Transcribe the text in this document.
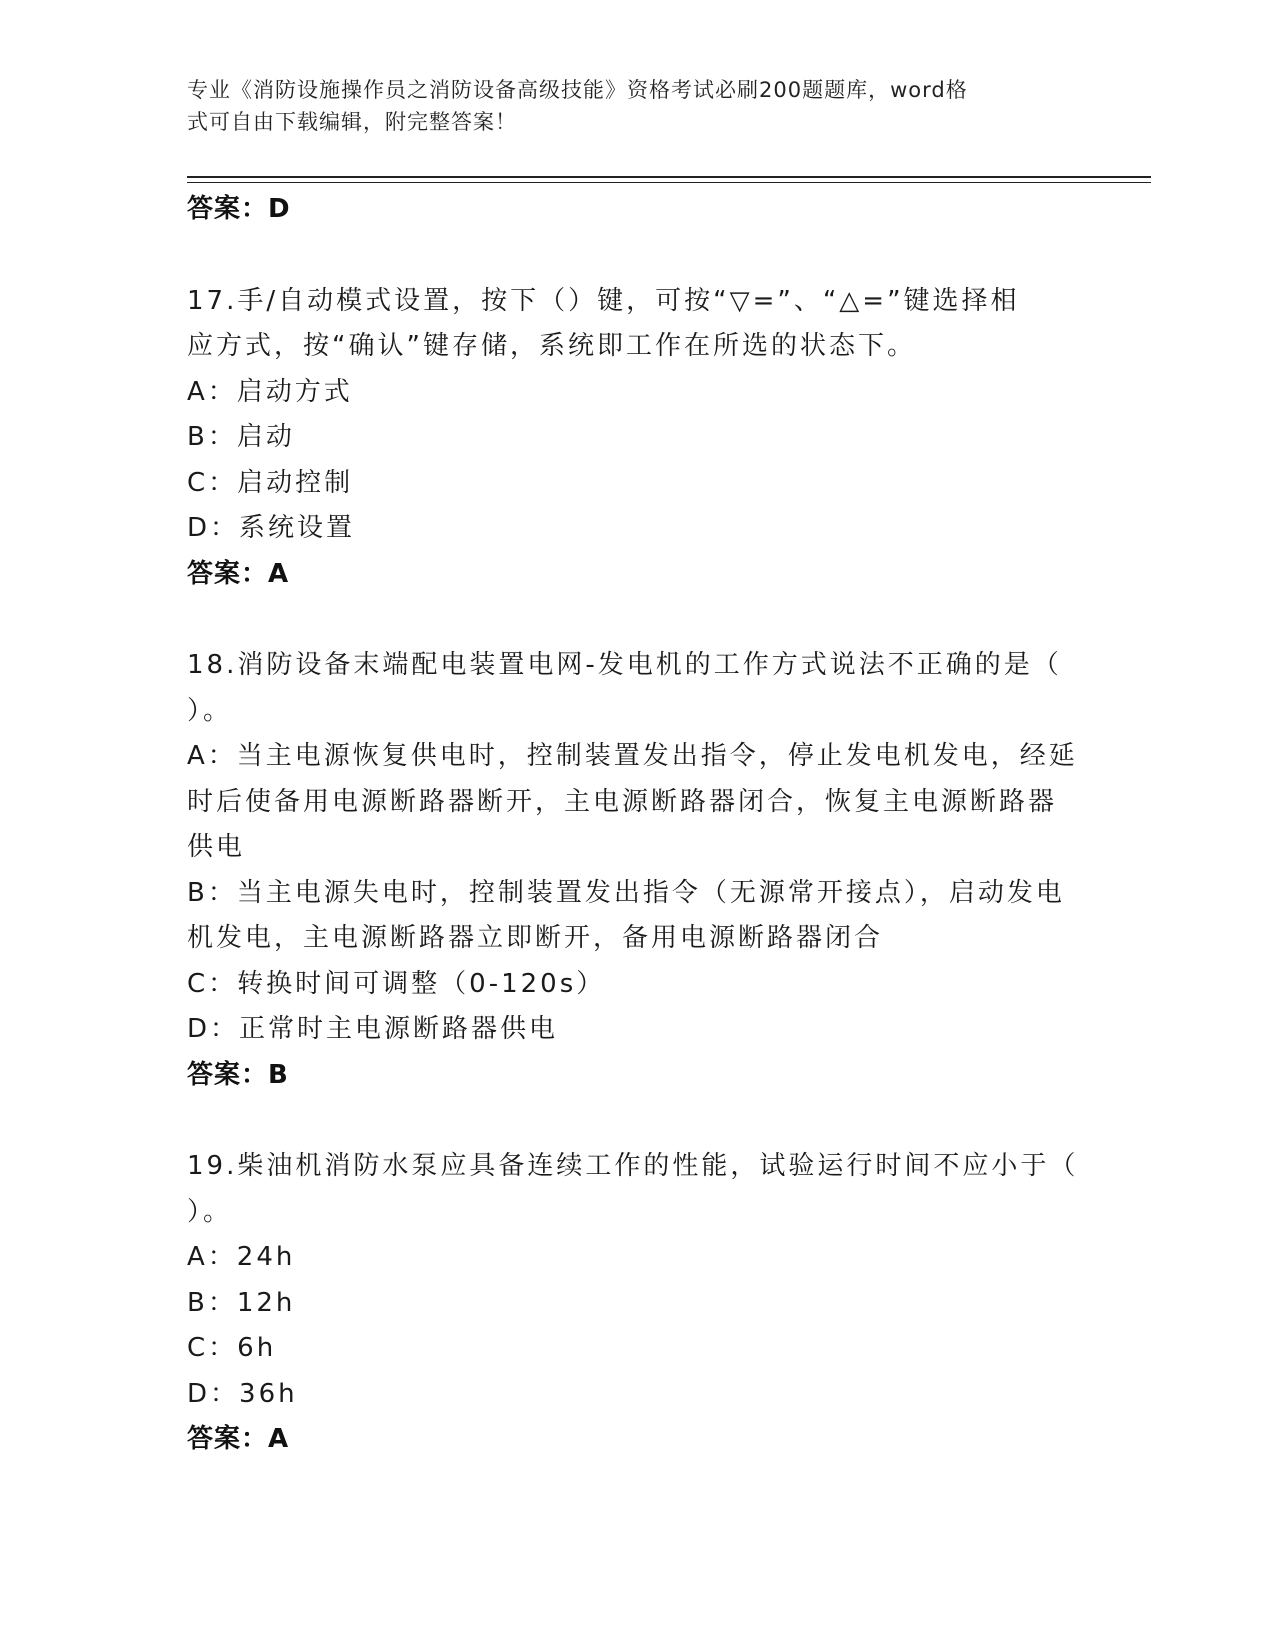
专业《消防设施操作员之消防设备高级技能》资格考试必刷200题题库，word格
式可自由下载编辑，附完整答案！
答案：D
17.手/自动模式设置，按下（）键，可按“▽=”、“△=”键选择相
应方式，按“确认”键存储，系统即工作在所选的状态下。
A：启动方式
B：启动
C：启动控制
D：系统设置
答案：A
18.消防设备末端配电装置电网-发电机的工作方式说法不正确的是（
）。
A：当主电源恢复供电时，控制装置发出指令，停止发电机发电，经延
时后使备用电源断路器断开，主电源断路器闭合，恢复主电源断路器
供电
B：当主电源失电时，控制装置发出指令（无源常开接点），启动发电
机发电，主电源断路器立即断开，备用电源断路器闭合
C：转换时间可调整（0-120s）
D：正常时主电源断路器供电
答案：B
19.柴油机消防水泵应具备连续工作的性能，试验运行时间不应小于（
）。
A：24h
B：12h
C：6h
D：36h
答案：A
